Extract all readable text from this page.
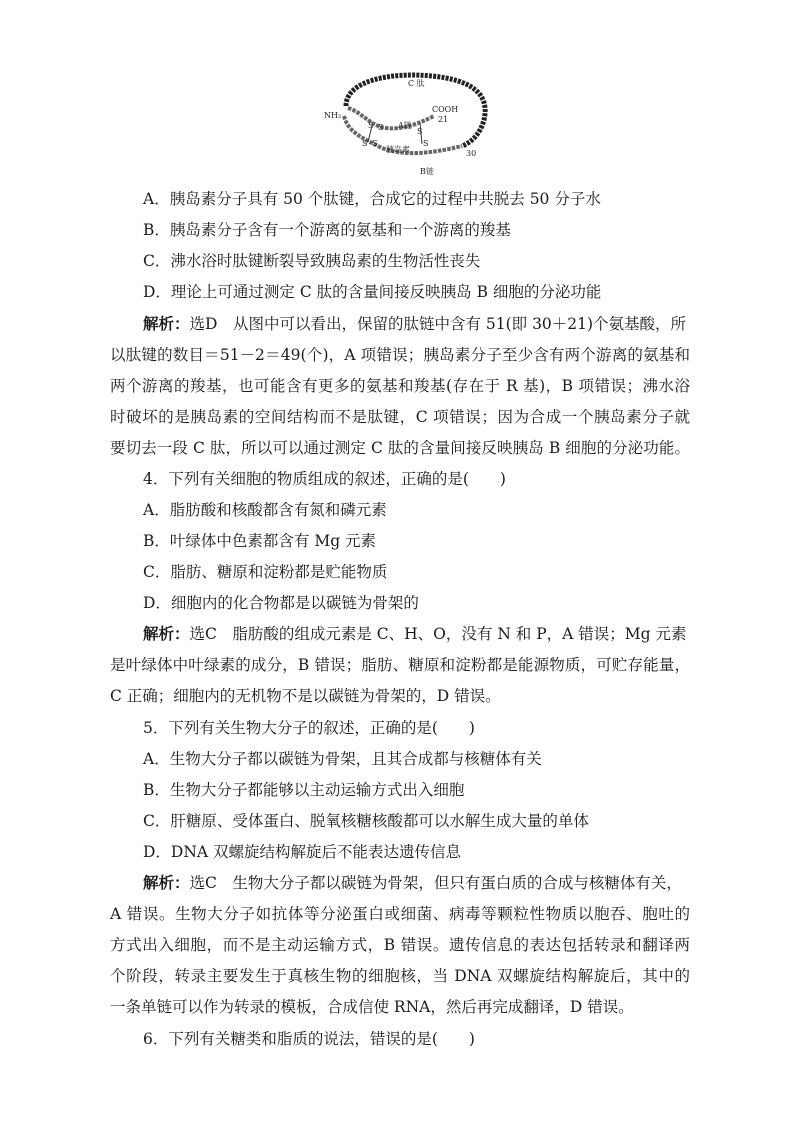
C 肽
COOH
21
NH₂
S S
S S
A链
胰岛素
S
S
30
B链
A．胰岛素分子具有 50 个肽键，合成它的过程中共脱去 50 分子水
B．胰岛素分子含有一个游离的氨基和一个游离的羧基
C．沸水浴时肽键断裂导致胰岛素的生物活性丧失
D．理论上可通过测定 C 肽的含量间接反映胰岛 B 细胞的分泌功能
解析：选D　从图中可以看出，保留的肽链中含有 51(即 30＋21)个氨基酸，所
以肽键的数目＝51－2＝49(个)，A 项错误；胰岛素分子至少含有两个游离的氨基和
两个游离的羧基，也可能含有更多的氨基和羧基(存在于 R 基)，B 项错误；沸水浴
时破坏的是胰岛素的空间结构而不是肽键，C 项错误；因为合成一个胰岛素分子就
要切去一段 C 肽，所以可以通过测定 C 肽的含量间接反映胰岛 B 细胞的分泌功能。
4．下列有关细胞的物质组成的叙述，正确的是(　　)
A．脂肪酸和核酸都含有氮和磷元素
B．叶绿体中色素都含有 Mg 元素
C．脂肪、糖原和淀粉都是贮能物质
D．细胞内的化合物都是以碳链为骨架的
解析：选C　脂肪酸的组成元素是 C、H、O，没有 N 和 P，A 错误；Mg 元素
是叶绿体中叶绿素的成分，B 错误；脂肪、糖原和淀粉都是能源物质，可贮存能量，
C 正确；细胞内的无机物不是以碳链为骨架的，D 错误。
5．下列有关生物大分子的叙述，正确的是(　　)
A．生物大分子都以碳链为骨架，且其合成都与核糖体有关
B．生物大分子都能够以主动运输方式出入细胞
C．肝糖原、受体蛋白、脱氧核糖核酸都可以水解生成大量的单体
D．DNA 双螺旋结构解旋后不能表达遗传信息
解析：选C　生物大分子都以碳链为骨架，但只有蛋白质的合成与核糖体有关，
A 错误。生物大分子如抗体等分泌蛋白或细菌、病毒等颗粒性物质以胞吞、胞吐的
方式出入细胞，而不是主动运输方式，B 错误。遗传信息的表达包括转录和翻译两
个阶段，转录主要发生于真核生物的细胞核，当 DNA 双螺旋结构解旋后，其中的
一条单链可以作为转录的模板，合成信使 RNA，然后再完成翻译，D 错误。
6．下列有关糖类和脂质的说法，错误的是(　　)
